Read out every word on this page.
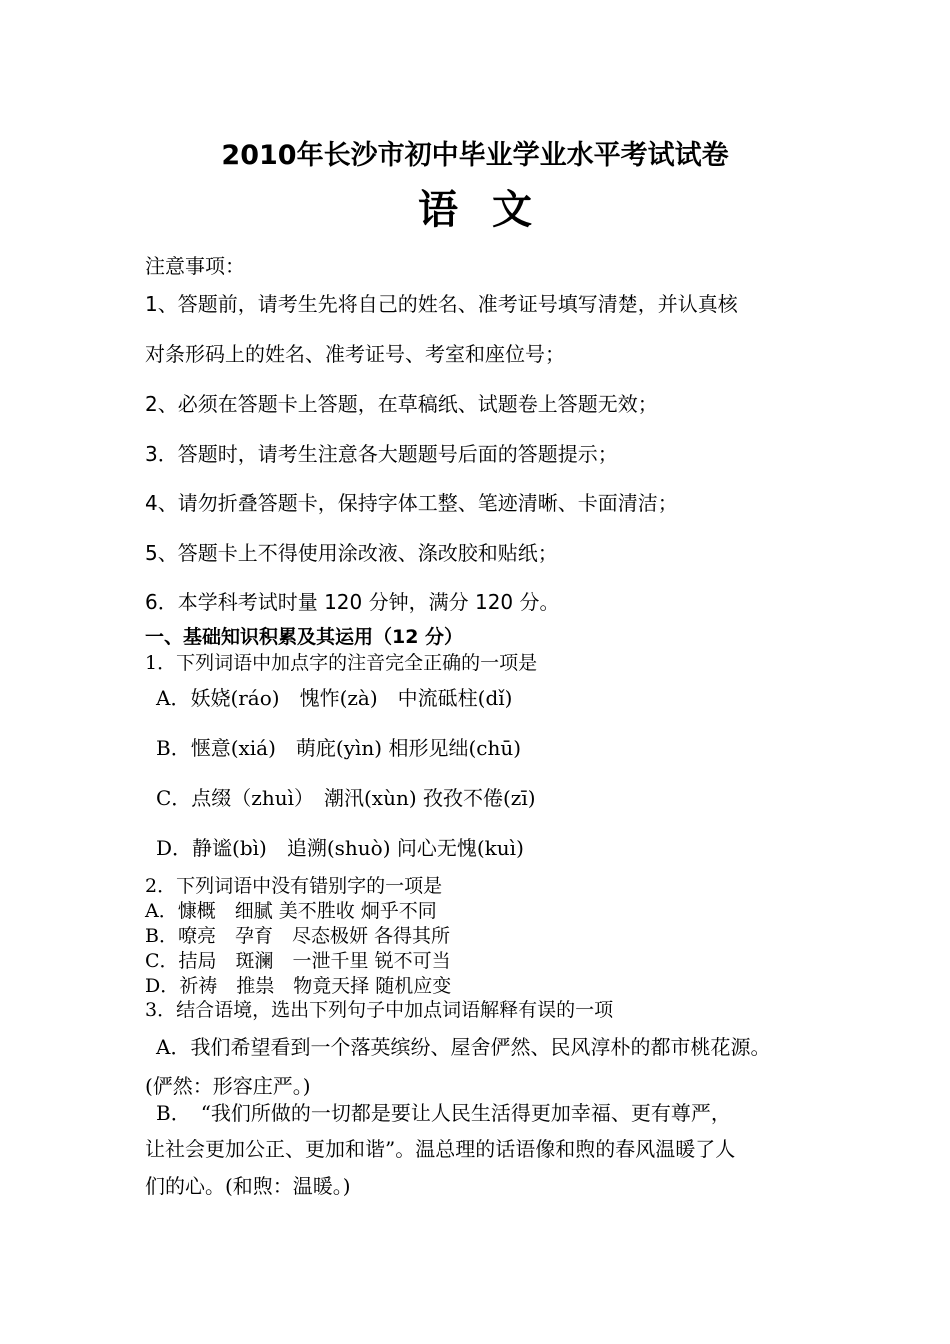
2010年长沙市初中毕业学业水平考试试卷
语文
注意事项：
1、答题前，请考生先将自己的姓名、准考证号填写清楚，并认真核
对条形码上的姓名、准考证号、考室和座位号；
2、必须在答题卡上答题，在草稿纸、试题卷上答题无效；
3．答题时，请考生注意各大题题号后面的答题提示；
4、请勿折叠答题卡，保持字体工整、笔迹清晰、卡面清洁；
5、答题卡上不得使用涂改液、涤改胶和贴纸；
6．本学科考试时量 120 分钟，满分 120 分。
一、基础知识积累及其运用（12 分）
1．下列词语中加点字的注音完全正确的一项是
A．妖娆(ráo)　愧怍(zà)　中流砥柱(dǐ)
B．惬意(xiá)　萌庇(yìn) 相形见绌(chū)
C．点缀（zhuì）　潮汛(xùn) 孜孜不倦(zī)
D．静谧(bì)　追溯(shuò) 问心无愧(kuì)
2．下列词语中没有错别字的一项是
A．慷概　细腻 美不胜收 炯乎不同
B．嘹亮　孕育　尽态极妍 各得其所
C．拮局　斑澜　一泄千里 锐不可当
D．祈祷　推祟　物竟天择 随机应变
3．结合语境，选出下列句子中加点词语解释有误的一项
A．我们希望看到一个落英缤纷、屋舍俨然、民风淳朴的都市桃花源。
(俨然：形容庄严。)
B．　“我们所做的一切都是要让人民生活得更加幸福、更有尊严，
让社会更加公正、更加和谐”。温总理的话语像和煦的春风温暖了人
们的心。(和煦：温暖。)
